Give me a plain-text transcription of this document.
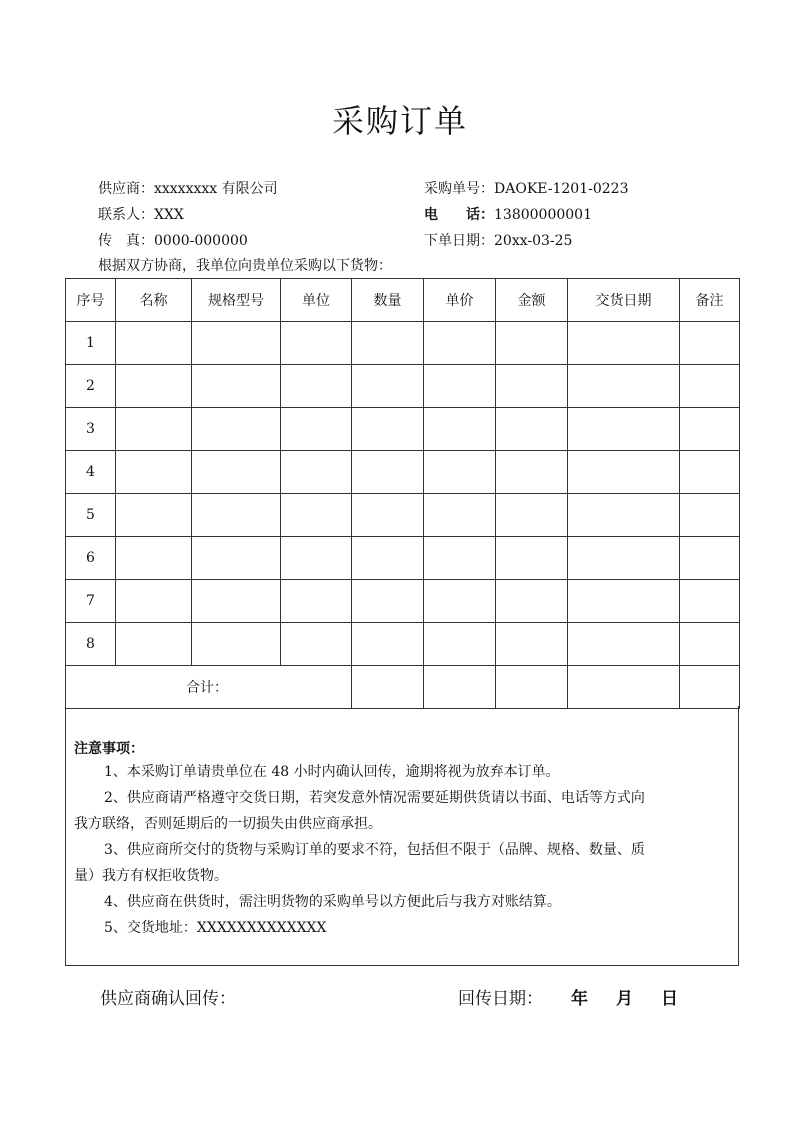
采购订单
供应商：xxxxxxxx 有限公司	采购单号：DAOKE-1201-0223
联系人：XXX	电　　话：13800000001
传　真：0000-000000	下单日期：20xx-03-25
根据双方协商，我单位向贵单位采购以下货物：
序号	名称	规格型号	单位	数量	单价	金额	交货日期	备注
1								
2								
3								
4								
5								
6								
7								
8								
合计：								
注意事项：
1、本采购订单请贵单位在 48 小时内确认回传，逾期将视为放弃本订单。
2、供应商请严格遵守交货日期，若突发意外情况需要延期供货请以书面、电话等方式向
我方联络，否则延期后的一切损失由供应商承担。
3、供应商所交付的货物与采购订单的要求不符，包括但不限于（品牌、规格、数量、质
量）我方有权拒收货物。
4、供应商在供货时，需注明货物的采购单号以方便此后与我方对账结算。
5、交货地址：XXXXXXXXXXXXX
供应商确认回传：	回传日期： 年 月 日
